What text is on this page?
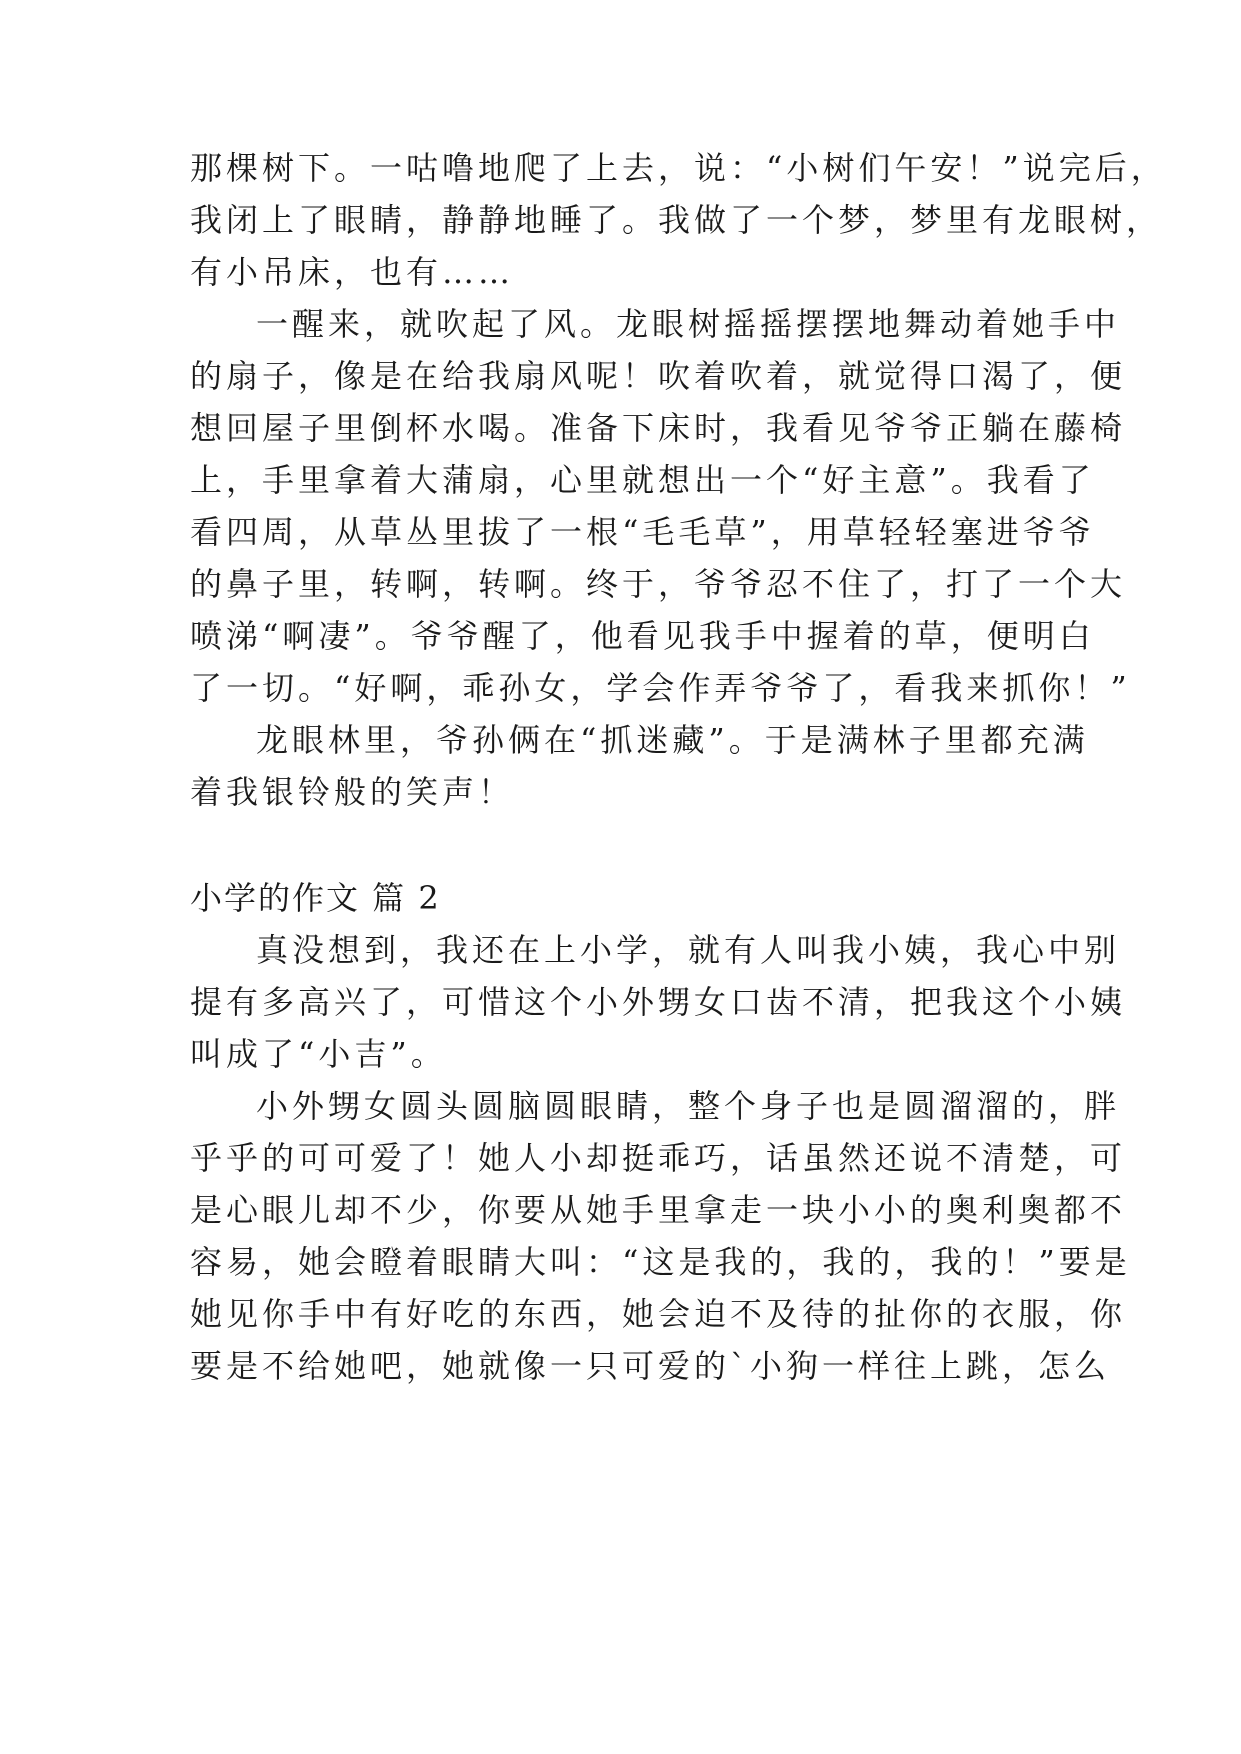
那棵树下。一咕噜地爬了上去，说：“小树们午安！”说完后，
我闭上了眼睛，静静地睡了。我做了一个梦，梦里有龙眼树，
有小吊床，也有……
一醒来，就吹起了风。龙眼树摇摇摆摆地舞动着她手中
的扇子，像是在给我扇风呢！吹着吹着，就觉得口渴了，便
想回屋子里倒杯水喝。准备下床时，我看见爷爷正躺在藤椅
上，手里拿着大蒲扇，心里就想出一个“好主意”。我看了
看四周，从草丛里拔了一根“毛毛草”，用草轻轻塞进爷爷
的鼻子里，转啊，转啊。终于，爷爷忍不住了，打了一个大
喷涕“啊凄”。爷爷醒了，他看见我手中握着的草，便明白
了一切。“好啊，乖孙女，学会作弄爷爷了，看我来抓你！”
龙眼林里，爷孙俩在“抓迷藏”。于是满林子里都充满
着我银铃般的笑声！
小学的作文 篇 2
真没想到，我还在上小学，就有人叫我小姨，我心中别
提有多高兴了，可惜这个小外甥女口齿不清，把我这个小姨
叫成了“小吉”。
小外甥女圆头圆脑圆眼睛，整个身子也是圆溜溜的，胖
乎乎的可可爱了！她人小却挺乖巧，话虽然还说不清楚，可
是心眼儿却不少，你要从她手里拿走一块小小的奥利奥都不
容易，她会瞪着眼睛大叫：“这是我的，我的，我的！”要是
她见你手中有好吃的东西，她会迫不及待的扯你的衣服，你
要是不给她吧，她就像一只可爱的`小狗一样往上跳，怎么
